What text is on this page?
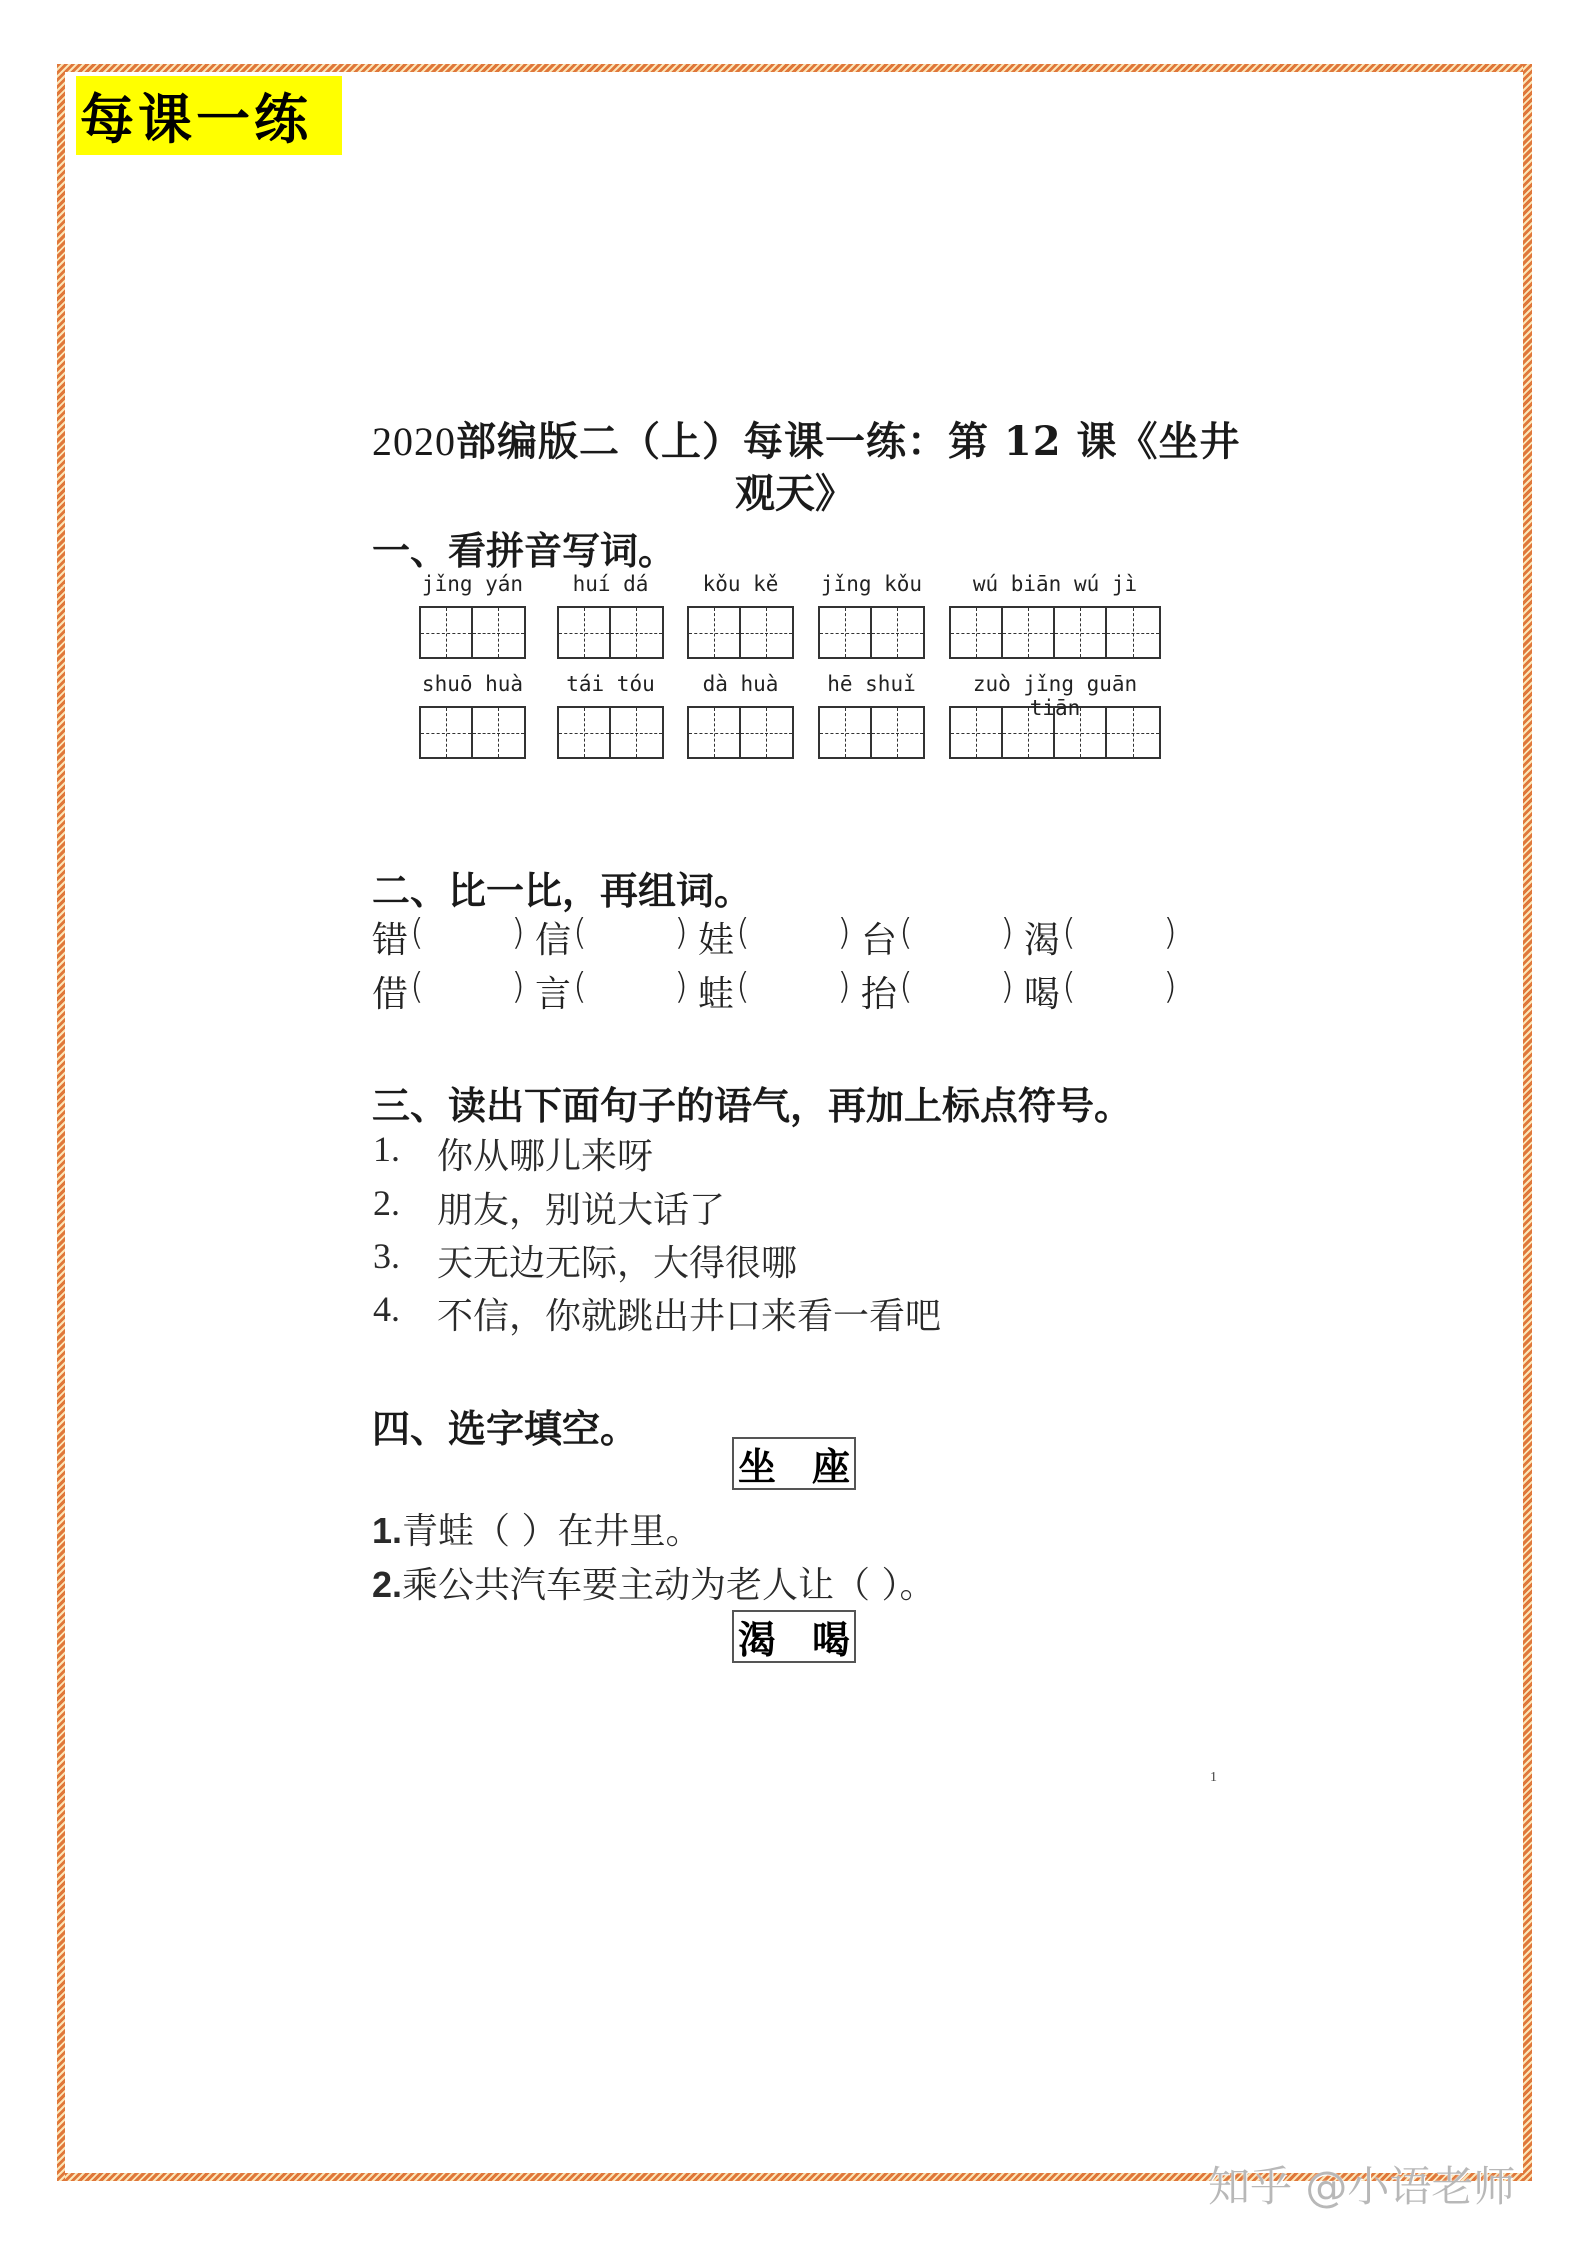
每课一练
2020部编版二（上）每课一练：第 12 课《坐井
观天》
一、看拼音写词。
jǐng yán	huí dá	kǒu kě	jǐng kǒu	wú biān wú jì
shuō huà	tái tóu	dà huà	hē shuǐ	zuò jǐng guān tiān
二、比一比，再组词。
错 ( ) 信 ( ) 娃 ( ) 台 ( ) 渴 ( )
借 ( ) 言 ( ) 蛙 ( ) 抬 ( ) 喝 ( )
三、读出下面句子的语气，再加上标点符号。
1.	你从哪儿来呀
2.	朋友，别说大话了
3.	天无边无际，大得很哪
4.	不信，你就跳出井口来看一看吧
四、选字填空。
坐 座
1.青蛙（ ）在井里。
2.乘公共汽车要主动为老人让（ ）。
渴 喝
1
知乎 @小语老师
